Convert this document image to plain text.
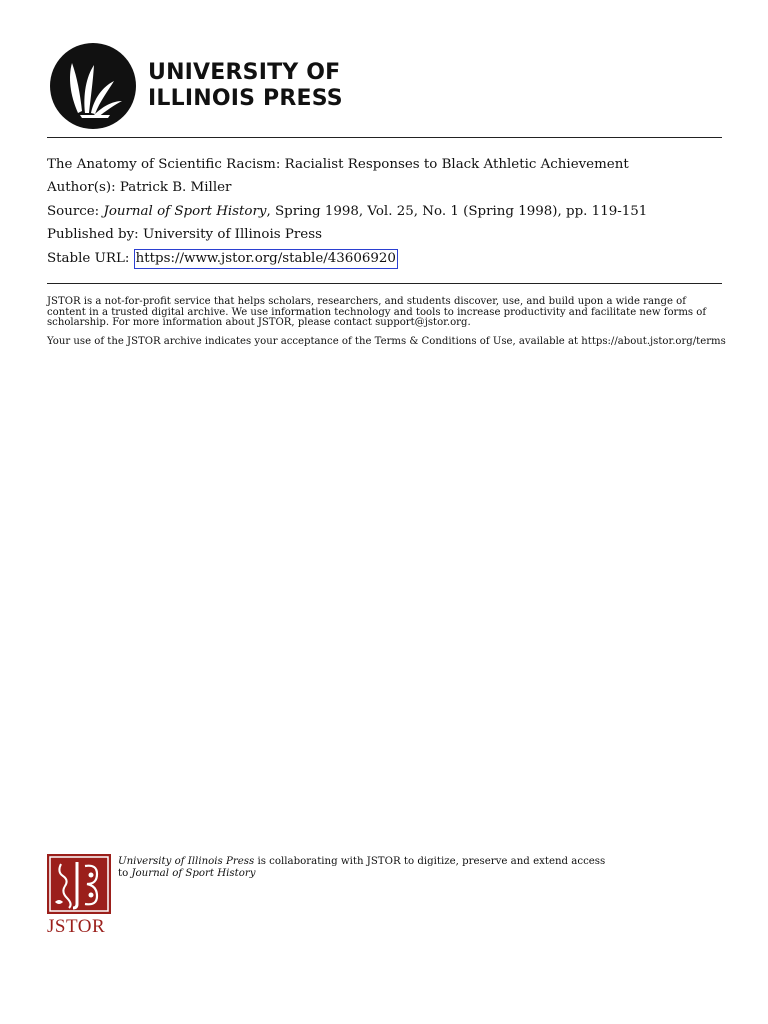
UNIVERSITY OF
ILLINOIS PRESS
The Anatomy of Scientific Racism: Racialist Responses to Black Athletic Achievement
Author(s): Patrick B. Miller
Source: Journal of Sport History, Spring 1998, Vol. 25, No. 1 (Spring 1998), pp. 119-151
Published by: University of Illinois Press
Stable URL: https://www.jstor.org/stable/43606920

JSTOR is a not-for-profit service that helps scholars, researchers, and students discover, use, and build upon a wide range of content in a trusted digital archive. We use information technology and tools to increase productivity and facilitate new forms of scholarship. For more information about JSTOR, please contact support@jstor.org.

Your use of the JSTOR archive indicates your acceptance of the Terms & Conditions of Use, available at https://about.jstor.org/terms

JSTOR
University of Illinois Press is collaborating with JSTOR to digitize, preserve and extend access
to Journal of Sport History
